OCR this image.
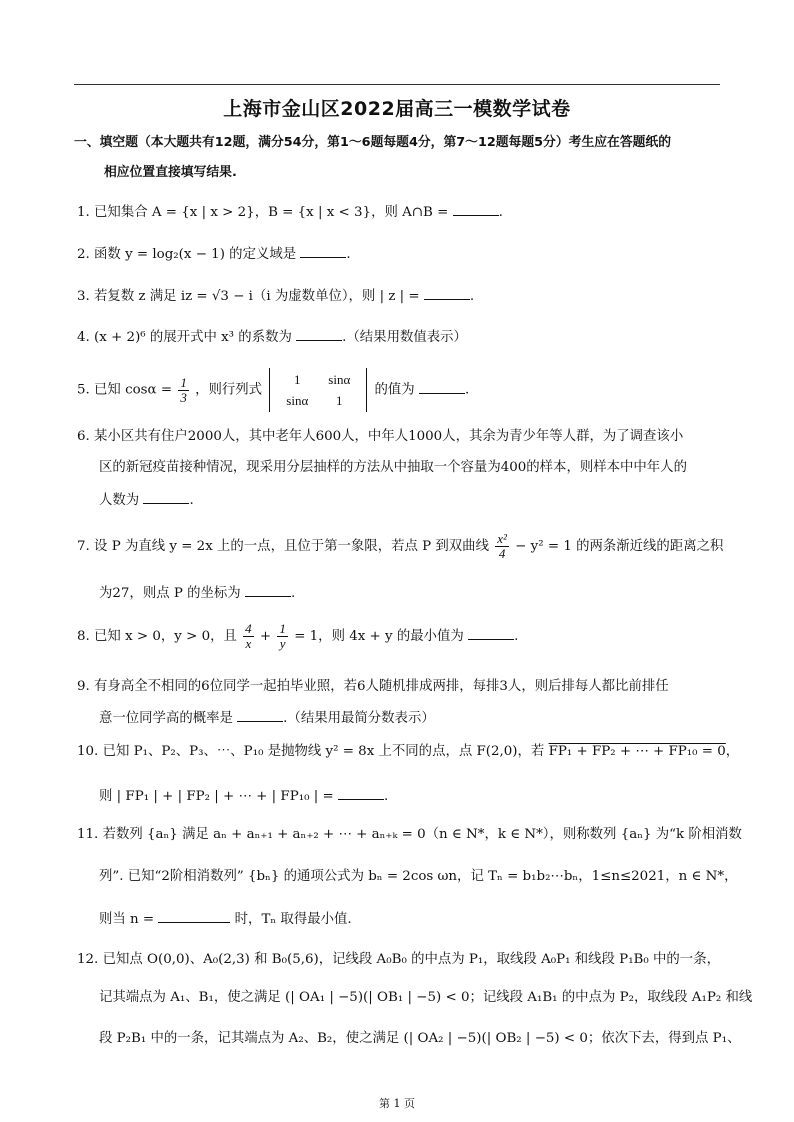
上海市金山区2022届高三一模数学试卷
一、填空题（本大题共有12题，满分54分，第1～6题每题4分，第7～12题每题5分）考生应在答题纸的
相应位置直接填写结果.
1. 已知集合 A = {x | x > 2}，B = {x | x < 3}，则 A∩B =	.
2. 函数 y = log₂(x − 1) 的定义域是	.
3. 若复数 z 满足 iz = √3 − i（i 为虚数单位），则 | z | =	.
4. (x + 2)⁶ 的展开式中 x³ 的系数为	.（结果用数值表示）
5. 已知 $\cos\alpha = \frac{1}{3}$ ，则行列式
1	sinα
sinα	1
的值为	.
6. 某小区共有住户2000人，其中老年人600人，中年人1000人，其余为青少年等人群，为了调查该小
区的新冠疫苗接种情况，现采用分层抽样的方法从中抽取一个容量为400的样本，则样本中中年人的
人数为	.
7. 设 P 为直线 y = 2x 上的一点，且位于第一象限，若点 P 到双曲线 $\frac{\text{x²}}{4} - y^2 = 1$ 的两条渐近线的距离之积
为27，则点 P 的坐标为	.
8. 已知 x > 0，y > 0，且 $\frac{4}{x} + \frac{1}{y} = 1$，则 4x + y 的最小值为	.
9. 有身高全不相同的6位同学一起拍毕业照，若6人随机排成两排，每排3人，则后排每人都比前排任
意一位同学高的概率是	.（结果用最简分数表示）
10. 已知 P₁、P₂、P₃、⋯、P₁₀ 是抛物线 y² = 8x 上不同的点，点 F(2,0)，若 FP₁ + FP₂ + ⋯ + FP₁₀ = 0，
则 | FP₁ | + | FP₂ | + ⋯ + | FP₁₀ | =	.
11. 若数列 {aₙ} 满足 aₙ + aₙ₊₁ + aₙ₊₂ + ⋯ + aₙ₊ₖ = 0（n ∈ N*，k ∈ N*），则称数列 {aₙ} 为“k 阶相消数
列”. 已知“2阶相消数列” {bₙ} 的通项公式为 bₙ = 2cos ωn，记 Tₙ = b₁b₂⋯bₙ，1≤n≤2021，n ∈ N*，
则当 n =	时，Tₙ 取得最小值.
12. 已知点 O(0,0)、A₀(2,3) 和 B₀(5,6)，记线段 A₀B₀ 的中点为 P₁，取线段 A₀P₁ 和线段 P₁B₀ 中的一条，
记其端点为 A₁、B₁，使之满足 (| OA₁ | −5)(| OB₁ | −5) < 0；记线段 A₁B₁ 的中点为 P₂，取线段 A₁P₂ 和线
段 P₂B₁ 中的一条，记其端点为 A₂、B₂，使之满足 (| OA₂ | −5)(| OB₂ | −5) < 0；依次下去，得到点 P₁、
第 1 页
